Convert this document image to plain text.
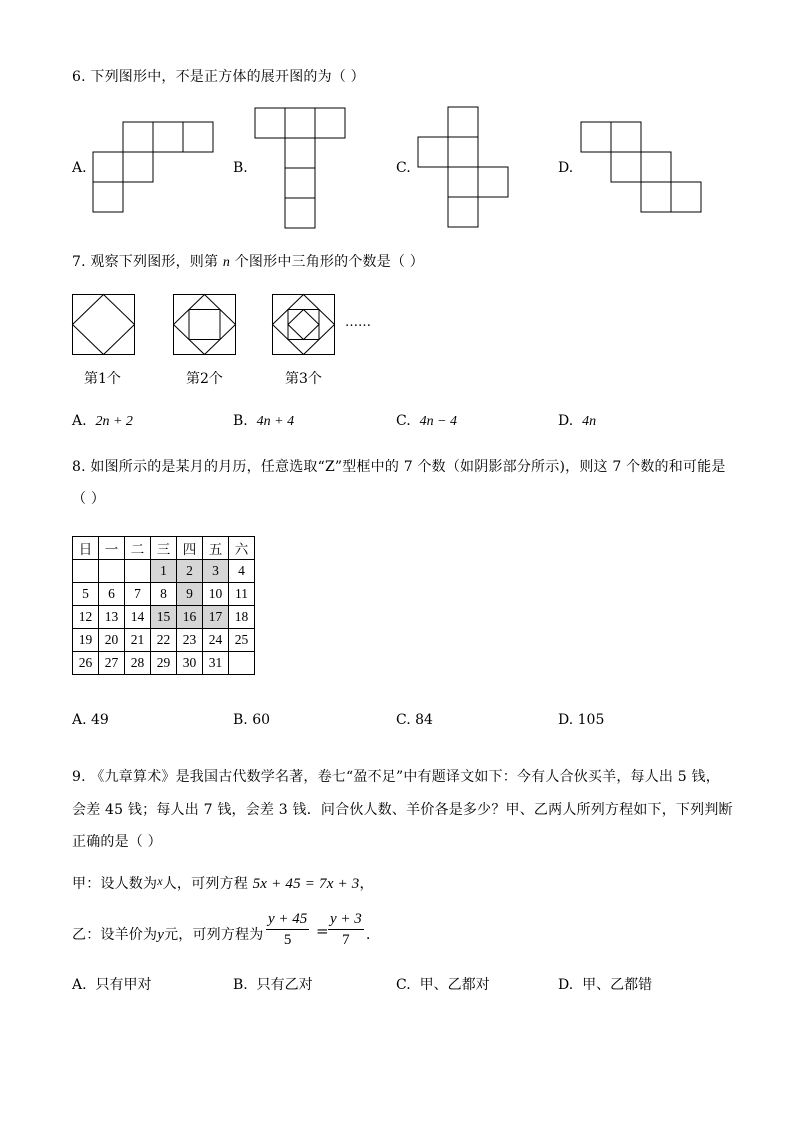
6. 下列图形中，不是正方体的展开图的为（ ）
A.	B.	C.	D.
7. 观察下列图形，则第 n 个图形中三角形的个数是（ ）
……
第1个	第2个	第3个
A. 2n + 2	B. 4n + 4	C. 4n − 4	D. 4n
8. 如图所示的是某月的月历，任意选取“Z”型框中的 7 个数（如阴影部分所示)，则这 7 个数的和可能是
（ ）
日	一	二	三	四	五	六
			1	2	3	4
5	6	7	8	9	10	11
12	13	14	15	16	17	18
19	20	21	22	23	24	25
26	27	28	29	30	31	
A. 49	B. 60	C. 84	D. 105
9. 《九章算术》是我国古代数学名著，卷七“盈不足”中有题译文如下：今有人合伙买羊，每人出 5 钱，
会差 45 钱；每人出 7 钱，会差 3 钱．问合伙人数、羊价各是多少？甲、乙两人所列方程如下，下列判断
正确的是（ ）
甲：设人数为x人，可列方程 5x + 45 = 7x + 3，
乙：设羊价为y元，可列方程为 $\frac{y + 45}{5} = \frac{y + 3}{7}$ ．
A. 只有甲对	B. 只有乙对	C. 甲、乙都对	D. 甲、乙都错
